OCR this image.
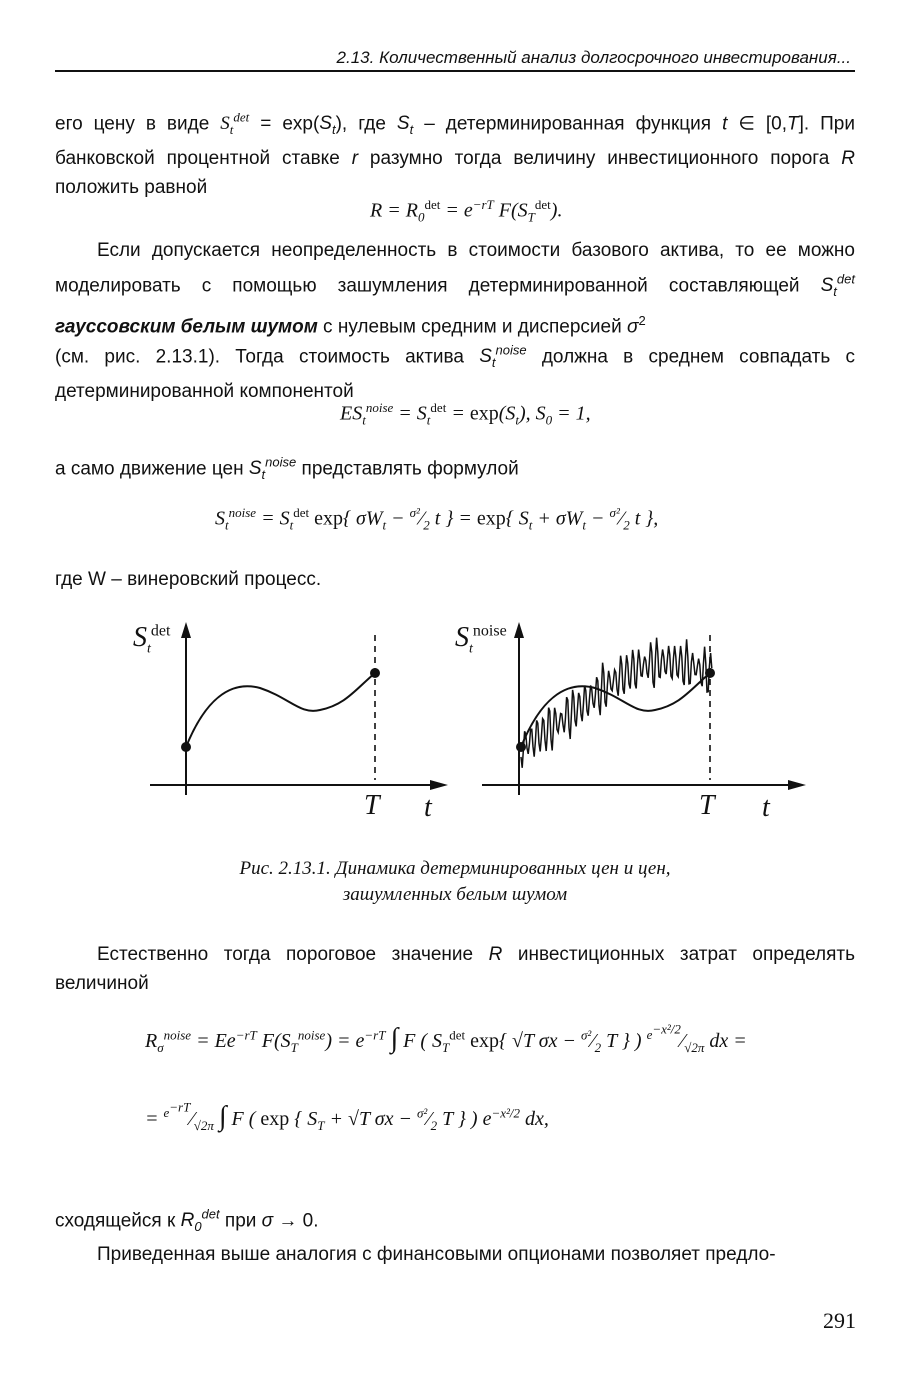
2.13. Количественный анализ долгосрочного инвестирования...

его цену в виде $S_t^{det} = \exp(S_t)$, где $S_t$ – детерминированная функция t ∈ [0,T]. При банковской процентной ставке r разумно тогда величину инвестиционного порога R положить равной

$R = R_0^{det} = e^{-rT}$ $F(S_T^{det})$.

Если допускается неопределенность в стоимости базового актива, то ее можно моделировать с помощью зашумления детерминированной составляющей $S_t^{det}$ гауссовским белым шумом с нулевым средним и дисперсией $\sigma^2$

(см. рис. 2.13.1). Тогда стоимость актива $S_t^{noise}$ должна в среднем совпадать с детерминированной компонентой

$ES_t^{noise} = S_t^{det} = \exp(S_t)$, $S_0 = 1$,

а само движение цен $S_t^{noise}$ представлять формулой

$S_t^{noise} = S_t^{det}$ exp{ $\sigma W_t$ − $^{\sigma^2}⁄_2$ t } = exp{ $S_t + \sigma W_t$ − $^{\sigma^2}⁄_2$ t },

где W – винеровский процесс.

$S_t^{det}$	$S_t^{noise}$
T t	T t
Рис. 2.13.1. Динамика детерминированных цен и цен,
зашумленных белым шумом

Естественно тогда пороговое значение R инвестиционных затрат определять величиной

$R_\sigma^{noise} = Ee^{-rT}$ $F(S_T^{noise}) = e^{-rT}$ ∫ F ( $S_T^{det}$ exp{ √T $\sigma x - ^{\sigma^2}⁄_2$ T } ) $^{e^{-x^2/2}}⁄_{√2\pi}$ dx =
= $^{e^{-rT}}⁄_{√2\pi}$ ∫ F ( exp { $S_T + √T$ $\sigma x - ^{\sigma^2}⁄_2$ T } ) $e^{-x^2/2}$ dx,

сходящейся к $R_0^{det}$ при σ → 0.

Приведенная выше аналогия с финансовыми опционами позволяет предло-

291
